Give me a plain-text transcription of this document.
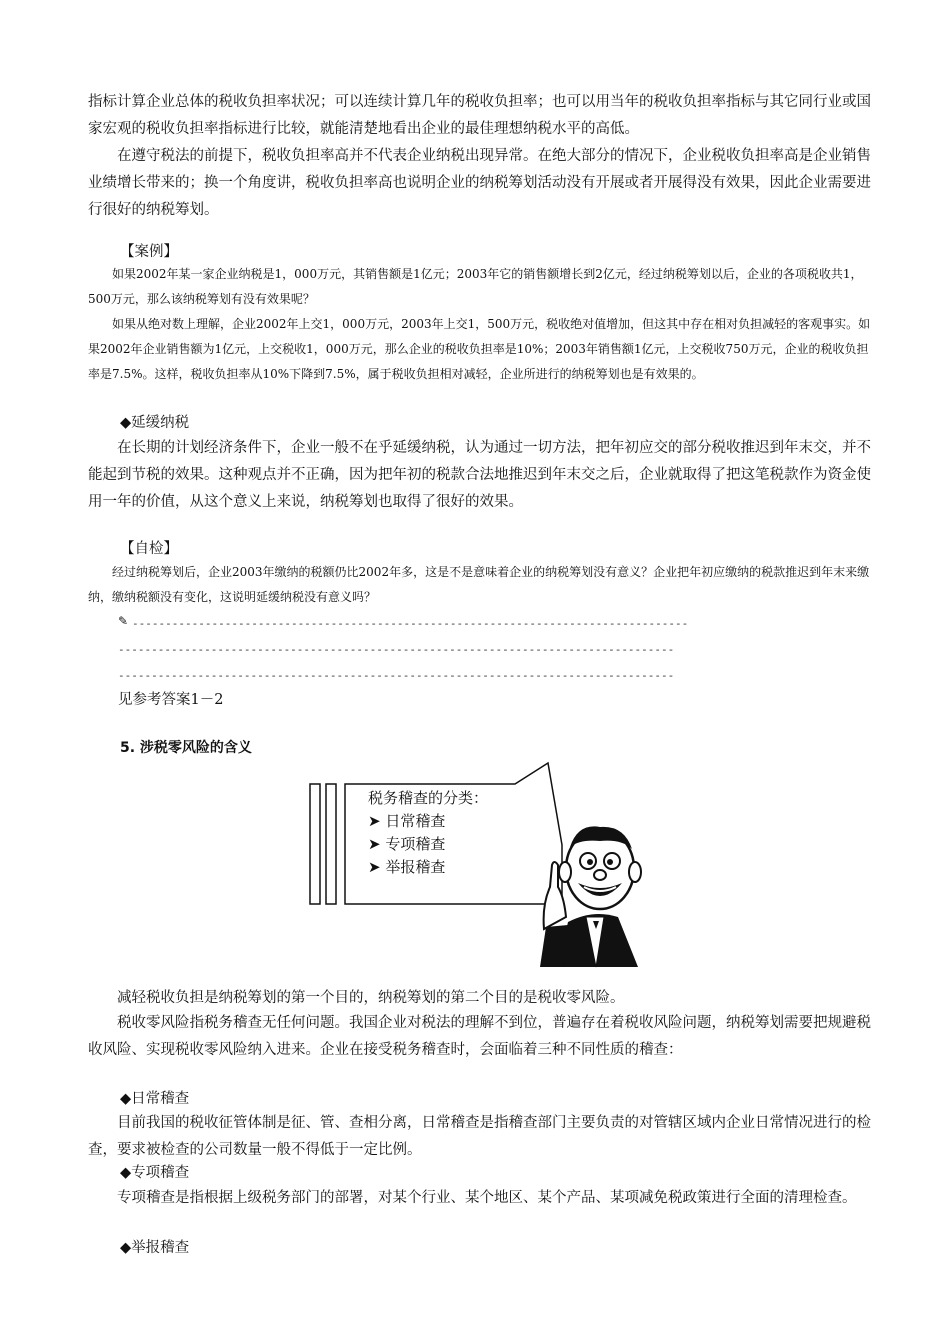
指标计算企业总体的税收负担率状况；可以连续计算几年的税收负担率；也可以用当年的税收负担率指标与其它同行业或国家宏观的税收负担率指标进行比较，就能清楚地看出企业的最佳理想纳税水平的高低。

在遵守税法的前提下，税收负担率高并不代表企业纳税出现异常。在绝大部分的情况下，企业税收负担率高是企业销售业绩增长带来的；换一个角度讲，税收负担率高也说明企业的纳税筹划活动没有开展或者开展得没有效果，因此企业需要进行很好的纳税筹划。

【案例】

如果2002年某一家企业纳税是1，000万元，其销售额是1亿元；2003年它的销售额增长到2亿元，经过纳税筹划以后，企业的各项税收共1，500万元，那么该纳税筹划有没有效果呢？

如果从绝对数上理解，企业2002年上交1，000万元，2003年上交1，500万元，税收绝对值增加，但这其中存在相对负担减轻的客观事实。如果2002年企业销售额为1亿元，上交税收1，000万元，那么企业的税收负担率是10%；2003年销售额1亿元，上交税收750万元，企业的税收负担率是7.5%。这样，税收负担率从10%下降到7.5%，属于税收负担相对减轻，企业所进行的纳税筹划也是有效果的。

◆延缓纳税

在长期的计划经济条件下，企业一般不在乎延缓纳税，认为通过一切方法，把年初应交的部分税收推迟到年末交，并不能起到节税的效果。这种观点并不正确，因为把年初的税款合法地推迟到年末交之后，企业就取得了把这笔税款作为资金使用一年的价值，从这个意义上来说，纳税筹划也取得了很好的效果。

【自检】

经过纳税筹划后，企业2003年缴纳的税额仍比2002年多，这是不是意味着企业的纳税筹划没有意义？企业把年初应缴纳的税款推迟到年末来缴纳，缴纳税额没有变化，这说明延缓纳税没有意义吗？

✎ ------------------------------------------------------------------------------------
------------------------------------------------------------------------------------
------------------------------------------------------------------------------------

见参考答案1－2

5. 涉税零风险的含义

税务稽查的分类：
➤ 日常稽查
➤ 专项稽查
➤ 举报稽查

减轻税收负担是纳税筹划的第一个目的，纳税筹划的第二个目的是税收零风险。

税收零风险指税务稽查无任何问题。我国企业对税法的理解不到位，普遍存在着税收风险问题，纳税筹划需要把规避税收风险、实现税收零风险纳入进来。企业在接受税务稽查时，会面临着三种不同性质的稽查：

◆日常稽查

目前我国的税收征管体制是征、管、查相分离，日常稽查是指稽查部门主要负责的对管辖区域内企业日常情况进行的检查，要求被检查的公司数量一般不得低于一定比例。

◆专项稽查

专项稽查是指根据上级税务部门的部署，对某个行业、某个地区、某个产品、某项减免税政策进行全面的清理检查。

◆举报稽查
